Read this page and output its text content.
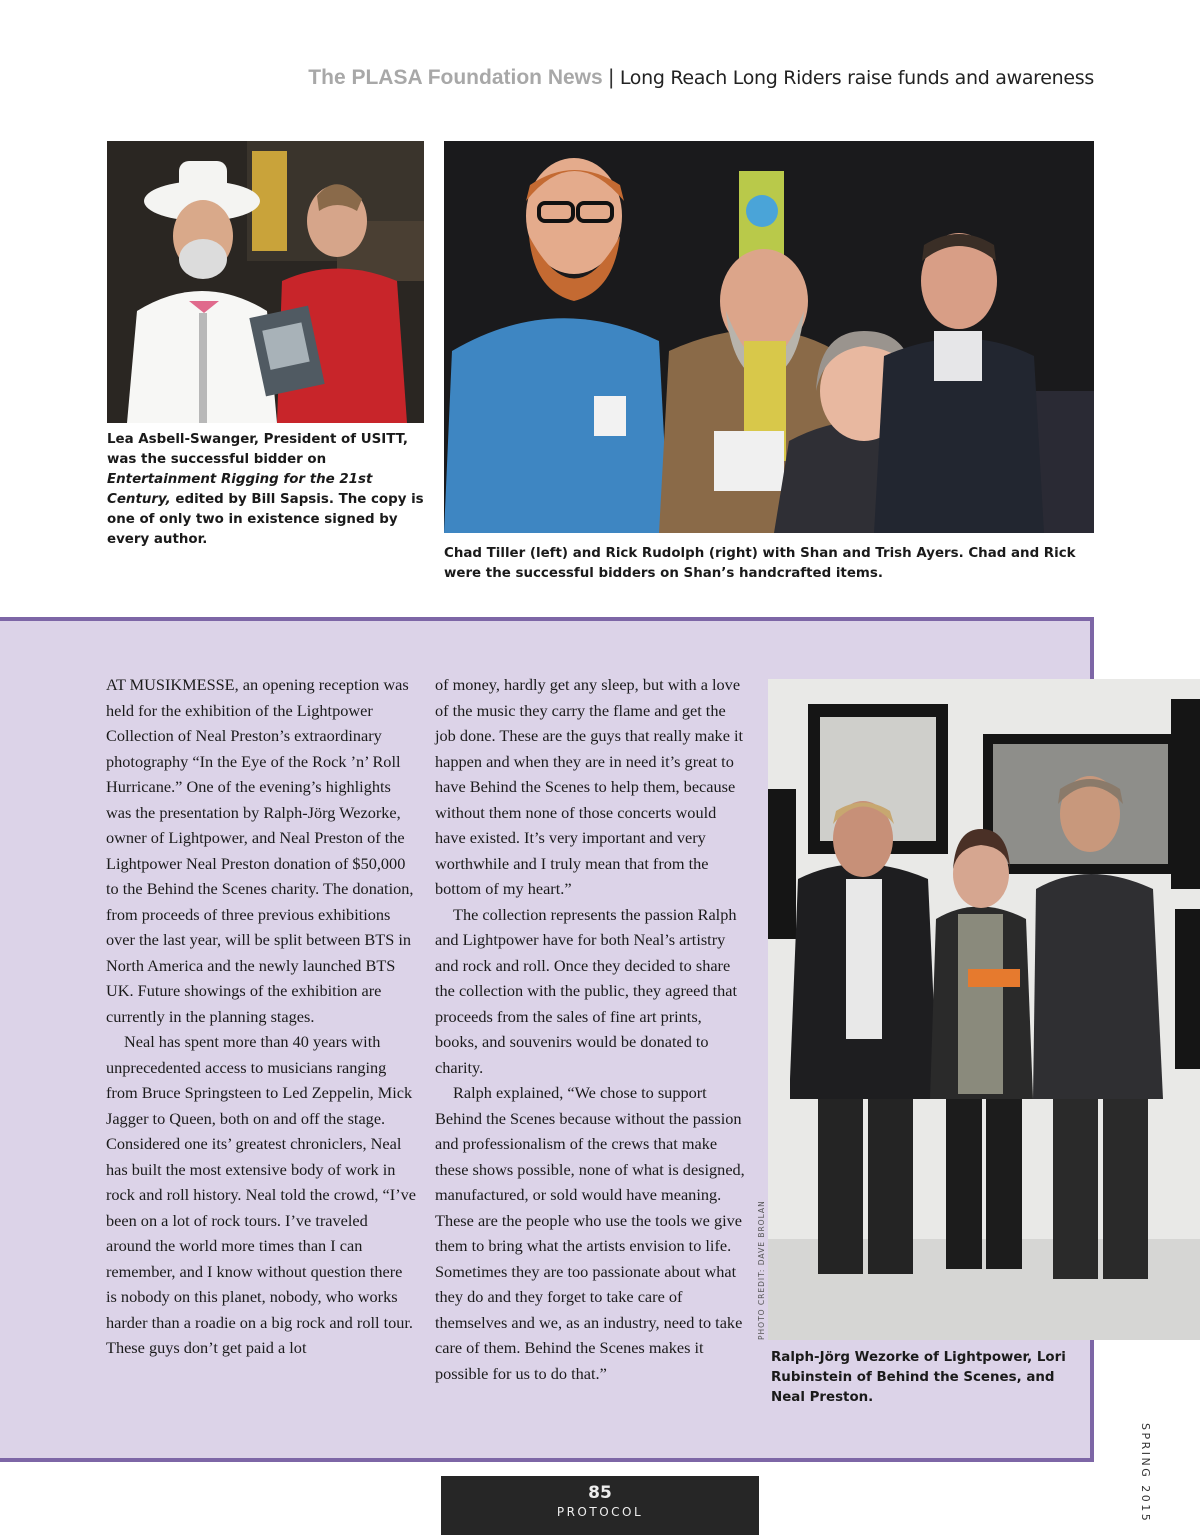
The PLASA Foundation News | Long Reach Long Riders raise funds and awareness
Lea Asbell-Swanger, President of USITT, was the successful bidder on Entertainment Rigging for the 21st Century, edited by Bill Sapsis. The copy is one of only two in existence signed by every author.
Chad Tiller (left) and Rick Rudolph (right) with Shan and Trish Ayers. Chad and Rick were the successful bidders on Shan’s handcrafted items.

AT MUSIKMESSE, an opening reception was held for the exhibition of the Lightpower Collection of Neal Preston’s extraordinary photography “In the Eye of the Rock ’n’ Roll Hurricane.” One of the evening’s highlights was the presentation by Ralph-Jörg Wezorke, owner of Lightpower, and Neal Preston of the Lightpower Neal Preston donation of $50,000 to the Behind the Scenes charity. The donation, from proceeds of three previous exhibitions over the last year, will be split between BTS in North America and the newly launched BTS UK. Future showings of the exhibition are currently in the planning stages.

Neal has spent more than 40 years with unprecedented access to musicians ranging from Bruce Springsteen to Led Zeppelin, Mick Jagger to Queen, both on and off the stage. Considered one its’ greatest chroniclers, Neal has built the most extensive body of work in rock and roll history. Neal told the crowd, “I’ve been on a lot of rock tours. I’ve traveled around the world more times than I can remember, and I know without question there is nobody on this planet, nobody, who works harder than a roadie on a big rock and roll tour. These guys don’t get paid a lot

of money, hardly get any sleep, but with a love of the music they carry the flame and get the job done. These are the guys that really make it happen and when they are in need it’s great to have Behind the Scenes to help them, because without them none of those concerts would have existed. It’s very important and very worthwhile and I truly mean that from the bottom of my heart.”

The collection represents the passion Ralph and Lightpower have for both Neal’s artistry and rock and roll. Once they decided to share the collection with the public, they agreed that proceeds from the sales of fine art prints, books, and souvenirs would be donated to charity.

Ralph explained, “We chose to support Behind the Scenes because without the passion and professionalism of the crews that make these shows possible, none of what is designed, manufactured, or sold would have meaning. These are the people who use the tools we give them to bring what the artists envision to life. Sometimes they are too passionate about what they do and they forget to take care of themselves and we, as an industry, need to take care of them. Behind the Scenes makes it possible for us to do that.”

PHOTO CREDIT: DAVE BROLAN
Ralph-Jörg Wezorke of Lightpower, Lori Rubinstein of Behind the Scenes, and Neal Preston.
SPRING 2015
85
PROTOCOL
